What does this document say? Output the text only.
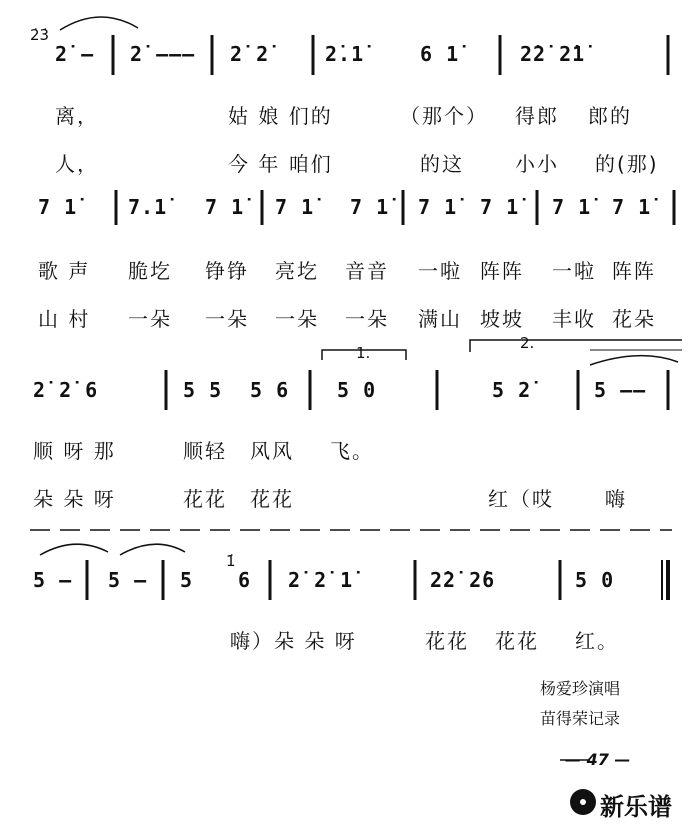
2̇3̇
2̇ — 2̇ ——— 2̇ 2̇	2̇.1̇	6 1̇	2̇2̇ 2̇1̇
离，	姑 娘 们的	（那个） 得郎 郎的
人，	今 年 咱们	的这	小小 的(那)
7 1̇	7.1̇ 7 1̇ 7 1̇ 7 1̇ 7 1̇ 7 1̇ 7 1̇ 7 1̇
歌 声 脆圪 铮铮 亮圪 音音 一啦 阵阵 一啦 阵阵
山 村 一朵 一朵 一朵 一朵 满山 坡坡 丰收 花朵
1.
2.
2̇ 2̇ 6	5 5 5 6 5 0	5 2̇	5 ——
顺 呀 那	顺轻 风风 飞。
朵 朵 呀	花花 花花	红（哎	嗨
1̇
5 — 5 — 5 6 2̇ 2̇ 1̇	2̇2̇ 2̇6	5 0
嗨）朵 朵 呀	花花 花花 红。
杨爱珍演唱
苗得荣记录
— 47 —
新乐谱
